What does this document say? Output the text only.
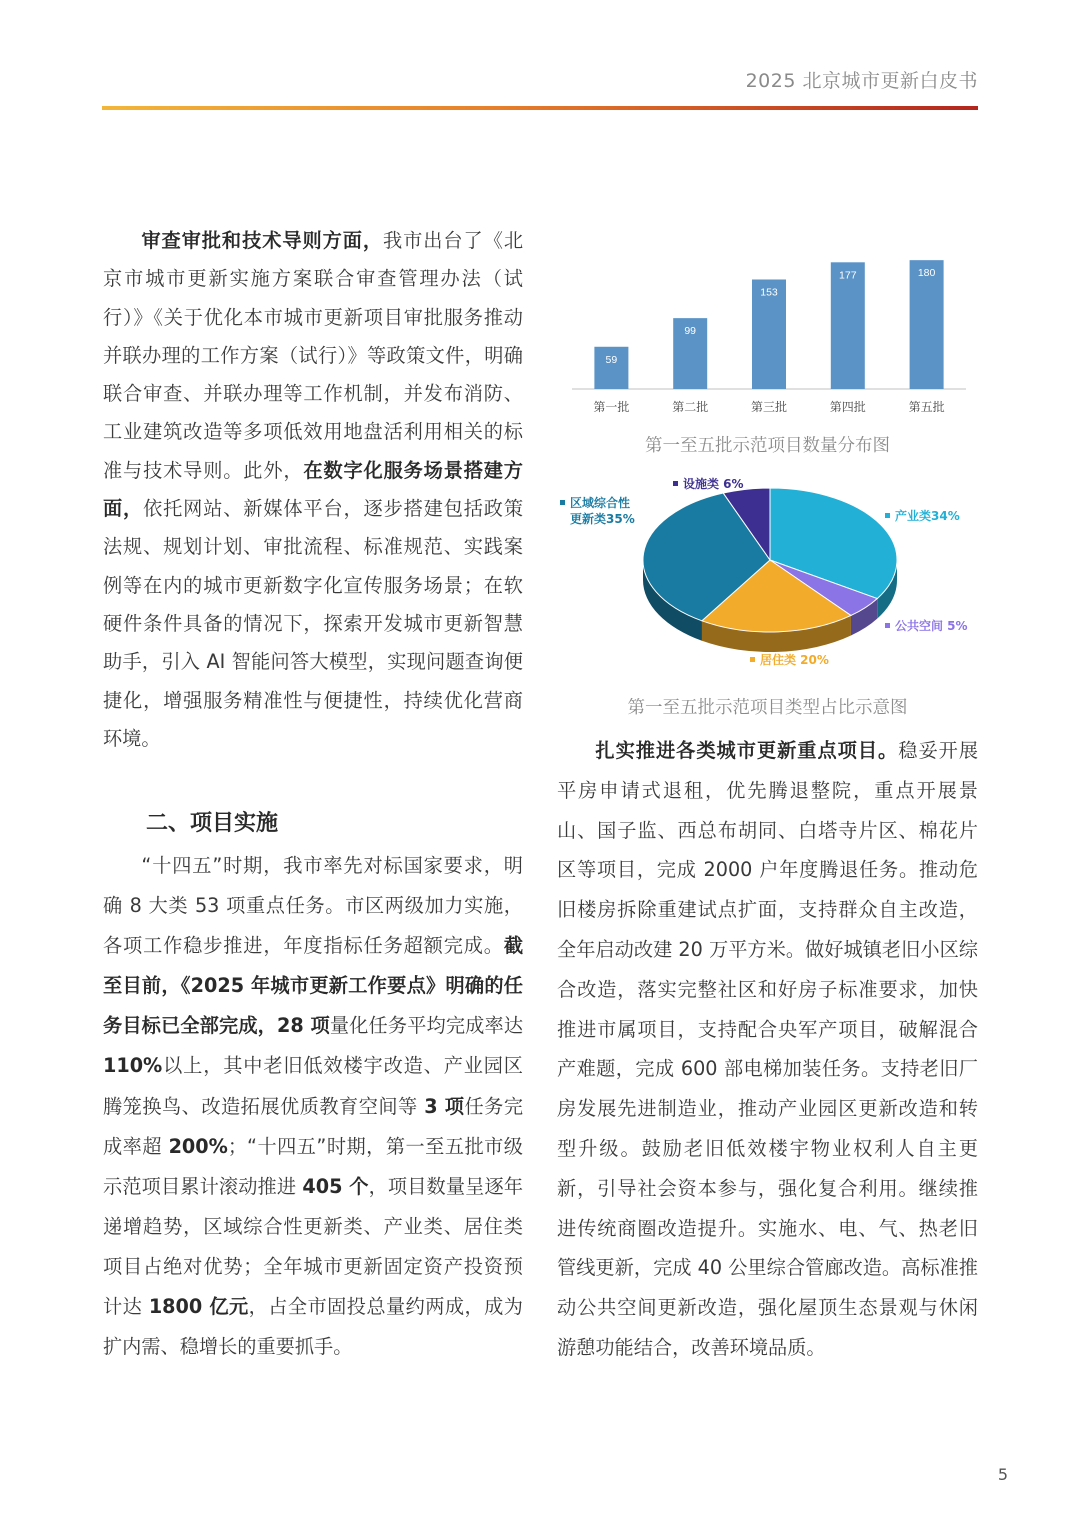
2025 北京城市更新白皮书

审查审批和技术导则方面，我市出台了《北京市城市更新实施方案联合审查管理办法（试行）》《关于优化本市城市更新项目审批服务推动并联办理的工作方案（试行）》等政策文件，明确联合审查、并联办理等工作机制，并发布消防、工业建筑改造等多项低效用地盘活利用相关的标准与技术导则。此外，在数字化服务场景搭建方面，依托网站、新媒体平台，逐步搭建包括政策法规、规划计划、审批流程、标准规范、实践案例等在内的城市更新数字化宣传服务场景；在软硬件条件具备的情况下，探索开发城市更新智慧助手，引入 AI 智能问答大模型，实现问题查询便捷化，增强服务精准性与便捷性，持续优化营商环境。

二、项目实施

“十四五”时期，我市率先对标国家要求，明确 8 大类 53 项重点任务。市区两级加力实施，各项工作稳步推进，年度指标任务超额完成。截至目前，《2025 年城市更新工作要点》明确的任务目标已全部完成，28 项量化任务平均完成率达 110%以上，其中老旧低效楼宇改造、产业园区腾笼换鸟、改造拓展优质教育空间等 3 项任务完成率超 200%；“十四五”时期，第一至五批市级示范项目累计滚动推进 405 个，项目数量呈逐年递增趋势，区域综合性更新类、产业类、居住类项目占绝对优势；全年城市更新固定资产投资预计达 1800 亿元，占全市固投总量约两成，成为扩内需、稳增长的重要抓手。

59
第一批
99
第二批
153
第三批
177
第四批
180
第五批
第一至五批示范项目数量分布图
产业类34%
公共空间 5%
居住类 20%
区域综合性更新类35%
设施类 6%
第一至五批示范项目类型占比示意图

扎实推进各类城市更新重点项目。稳妥开展平房申请式退租，优先腾退整院，重点开展景山、国子监、西总布胡同、白塔寺片区、棉花片区等项目，完成 2000 户年度腾退任务。推动危旧楼房拆除重建试点扩面，支持群众自主改造，全年启动改建 20 万平方米。做好城镇老旧小区综合改造，落实完整社区和好房子标准要求，加快推进市属项目，支持配合央军产项目，破解混合产难题，完成 600 部电梯加装任务。支持老旧厂房发展先进制造业，推动产业园区更新改造和转型升级。鼓励老旧低效楼宇物业权利人自主更新，引导社会资本参与，强化复合利用。继续推进传统商圈改造提升。实施水、电、气、热老旧管线更新，完成 40 公里综合管廊改造。高标准推动公共空间更新改造，强化屋顶生态景观与休闲游憩功能结合，改善环境品质。

5
